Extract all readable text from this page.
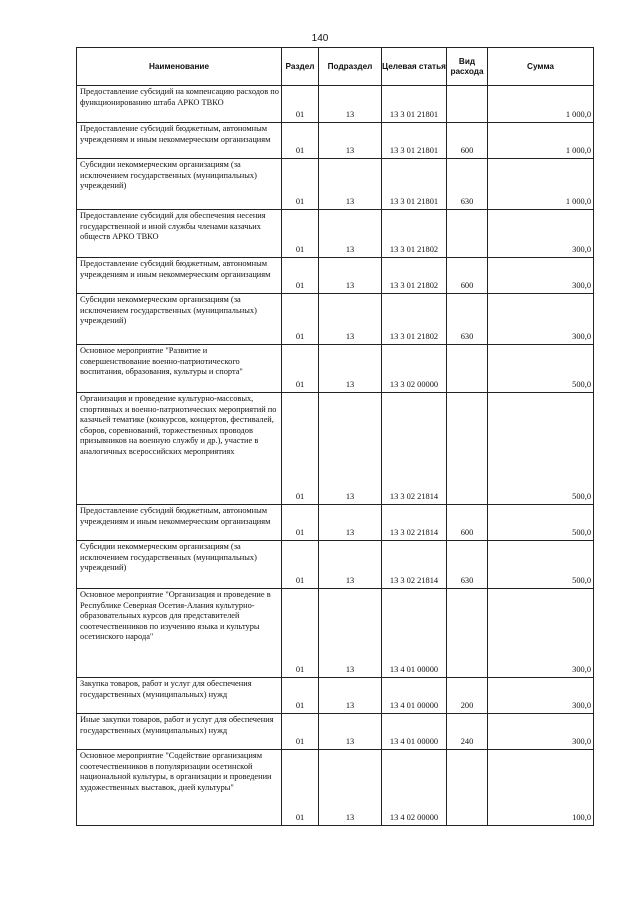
140
Наименование	Раздел	Подраздел	Целевая статья	Вид расхода	Сумма
Предоставление субсидий на компенсацию расходов по функционированию штаба АРКО ТВКО	01	13	13 3 01 21801		1 000,0
Предоставление субсидий бюджетным, автономным учреждениям и иным некоммерческим организациям	01	13	13 3 01 21801	600	1 000,0
Субсидии некоммерческим организациям (за исключением государственных (муниципальных) учреждений)	01	13	13 3 01 21801	630	1 000,0
Предоставление субсидий для обеспечения несения государственной и иной службы членами казачьих обществ АРКО ТВКО	01	13	13 3 01 21802		300,0
Предоставление субсидий бюджетным, автономным учреждениям и иным некоммерческим организациям	01	13	13 3 01 21802	600	300,0
Субсидии некоммерческим организациям (за исключением государственных (муниципальных) учреждений)	01	13	13 3 01 21802	630	300,0
Основное мероприятие "Развитие и совершенствование военно-патриотического воспитания, образования, культуры и спорта"	01	13	13 3 02 00000		500,0
Организация и проведение культурно-массовых, спортивных и военно-патриотических мероприятий по казачьей тематике (конкурсов, концертов, фестивалей, сборов, соревнований, торжественных проводов призывников на военную службу и др.), участие в аналогичных всероссийских мероприятиях	01	13	13 3 02 21814		500,0
Предоставление субсидий бюджетным, автономным учреждениям и иным некоммерческим организациям	01	13	13 3 02 21814	600	500,0
Субсидии некоммерческим организациям (за исключением государственных (муниципальных) учреждений)	01	13	13 3 02 21814	630	500,0
Основное мероприятие "Организация и проведение в Республике Северная Осетия-Алания культурно-образовательных курсов для представителей соотечественников по изучению языка и культуры осетинского народа"	01	13	13 4 01 00000		300,0
Закупка товаров, работ и услуг для обеспечения государственных (муниципальных) нужд	01	13	13 4 01 00000	200	300,0
Иные закупки товаров, работ и услуг для обеспечения государственных (муниципальных) нужд	01	13	13 4 01 00000	240	300,0
Основное мероприятие "Содействие организациям соотечественников в популяризации осетинской национальной культуры, в организации и проведении художественных выставок, дней культуры"	01	13	13 4 02 00000		100,0
